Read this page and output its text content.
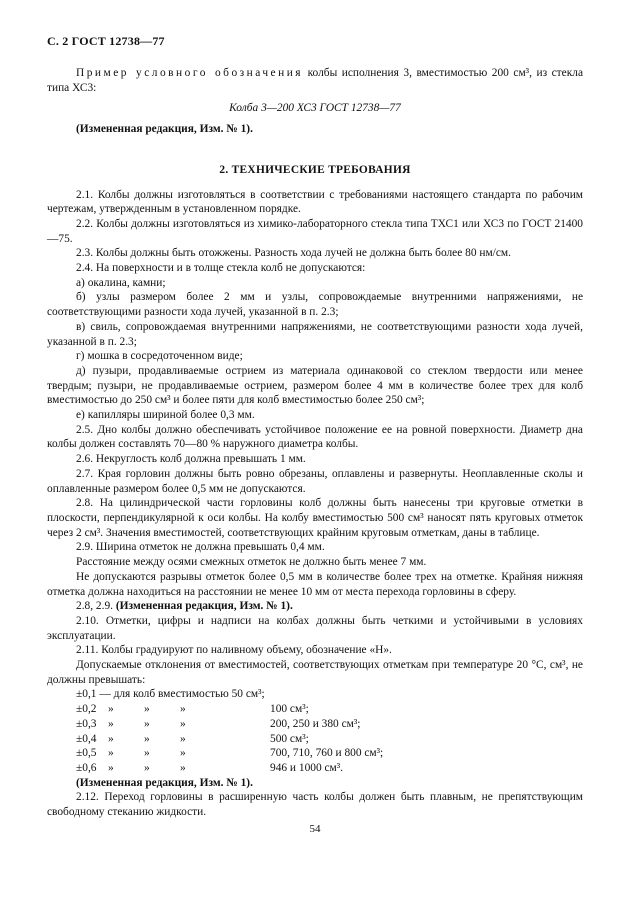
С. 2 ГОСТ 12738—77

Пример условного обозначения колбы исполнения 3, вместимостью 200 см³, из стекла типа ХС3:

Колба 3—200 ХС3 ГОСТ 12738—77

(Измененная редакция, Изм. № 1).

2. ТЕХНИЧЕСКИЕ ТРЕБОВАНИЯ

2.1. Колбы должны изготовляться в соответствии с требованиями настоящего стандарта по рабочим чертежам, утвержденным в установленном порядке.

2.2. Колбы должны изготовляться из химико-лабораторного стекла типа ТХС1 или ХС3 по ГОСТ 21400—75.

2.3. Колбы должны быть отожжены. Разность хода лучей не должна быть более 80 нм/см.

2.4. На поверхности и в толще стекла колб не допускаются:

а) окалина, камни;

б) узлы размером более 2 мм и узлы, сопровождаемые внутренними напряжениями, не соответствующими разности хода лучей, указанной в п. 2.3;

в) свиль, сопровождаемая внутренними напряжениями, не соответствующими разности хода лучей, указанной в п. 2.3;

г) мошка в сосредоточенном виде;

д) пузыри, продавливаемые острием из материала одинаковой со стеклом твердости или менее твердым; пузыри, не продавливаемые острием, размером более 4 мм в количестве более трех для колб вместимостью до 250 см³ и более пяти для колб вместимостью более 250 см³;

е) капилляры шириной более 0,3 мм.

2.5. Дно колбы должно обеспечивать устойчивое положение ее на ровной поверхности. Диаметр дна колбы должен составлять 70—80 % наружного диаметра колбы.

2.6. Некруглость колб должна превышать 1 мм.

2.7. Края горловин должны быть ровно обрезаны, оплавлены и развернуты. Неоплавленные сколы и оплавленные размером более 0,5 мм не допускаются.

2.8. На цилиндрической части горловины колб должны быть нанесены три круговые отметки в плоскости, перпендикулярной к оси колбы. На колбу вместимостью 500 см³ наносят пять круговых отметок через 2 см³. Значения вместимостей, соответствующих крайним круговым отметкам, даны в таблице.

2.9. Ширина отметок не должна превышать 0,4 мм.

Расстояние между осями смежных отметок не должно быть менее 7 мм.

Не допускаются разрывы отметок более 0,5 мм в количестве более трех на отметке. Крайняя нижняя отметка должна находиться на расстоянии не менее 10 мм от места перехода горловины в сферу.

2.8, 2.9. (Измененная редакция, Изм. № 1).

2.10. Отметки, цифры и надписи на колбах должны быть четкими и устойчивыми в условиях эксплуатации.

2.11. Колбы градуируют по наливному объему, обозначение «Н».

Допускаемые отклонения от вместимостей, соответствующих отметкам при температуре 20 °С, см³, не должны превышать:

±0,1 — для колб вместимостью 50 см³;

±0,2 »	»	»	100 см³;

±0,3 »	»	»	200, 250 и 380 см³;

±0,4 »	»	»	500 см³;

±0,5 »	»	»	700, 710, 760 и 800 см³;

±0,6 »	»	»	946 и 1000 см³.

(Измененная редакция, Изм. № 1).

2.12. Переход горловины в расширенную часть колбы должен быть плавным, не препятствующим свободному стеканию жидкости.

54
